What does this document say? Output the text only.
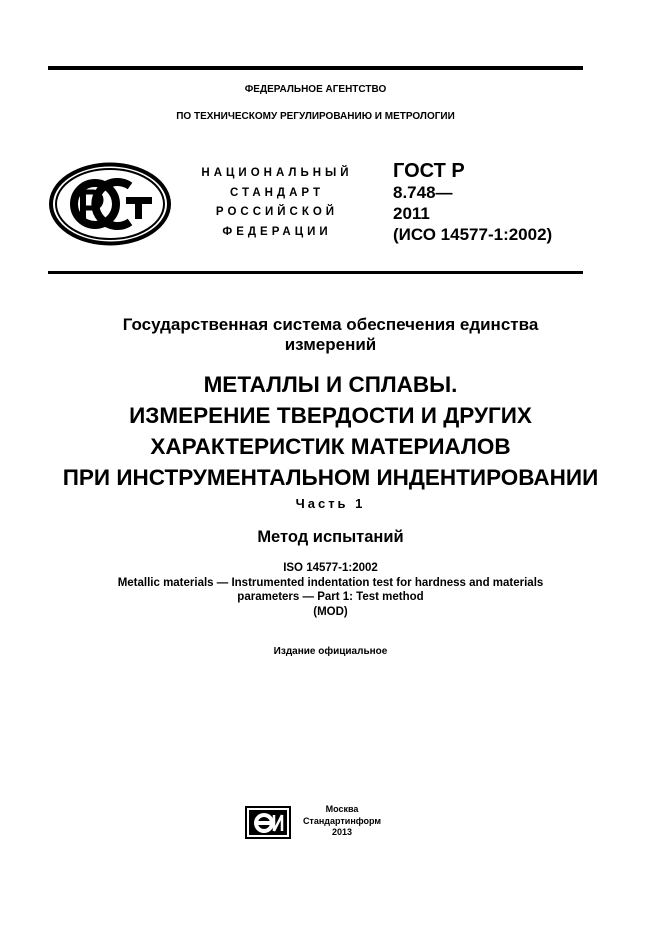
ФЕДЕРАЛЬНОЕ АГЕНТСТВО
ПО ТЕХНИЧЕСКОМУ РЕГУЛИРОВАНИЮ И МЕТРОЛОГИИ
НАЦИОНАЛЬНЫЙ
СТАНДАРТ
РОССИЙСКОЙ
ФЕДЕРАЦИИ
ГОСТ Р
8.748—
2011
(ИСО 14577-1:2002)
Государственная система обеспечения единства
измерений
МЕТАЛЛЫ И СПЛАВЫ.
ИЗМЕРЕНИЕ ТВЕРДОСТИ И ДРУГИХ
ХАРАКТЕРИСТИК МАТЕРИАЛОВ
ПРИ ИНСТРУМЕНТАЛЬНОМ ИНДЕНТИРОВАНИИ
Часть 1
Метод испытаний
ISO 14577-1:2002
Metallic materials — Instrumented indentation test for hardness and materials
parameters — Part 1: Test method
(MOD)
Издание официальное
Москва
Стандартинформ
2013
